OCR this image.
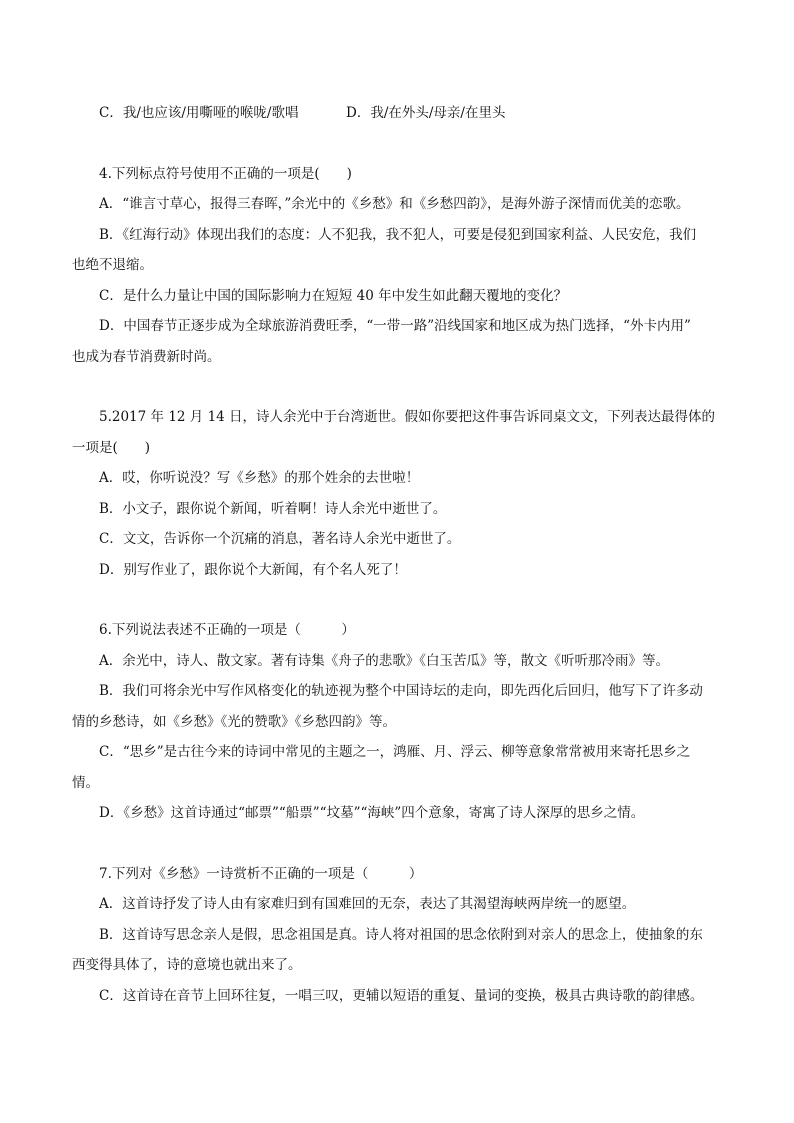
C．我/也应该/用嘶哑的喉咙/歌唱	D．我/在外头/母亲/在里头
4.下列标点符号使用不正确的一项是(　　)
A．“谁言寸草心，报得三春晖，”余光中的《乡愁》和《乡愁四韵》，是海外游子深情而优美的恋歌。
B．《红海行动》体现出我们的态度：人不犯我，我不犯人，可要是侵犯到国家利益、人民安危，我们
也绝不退缩。
C．是什么力量让中国的国际影响力在短短 40 年中发生如此翻天覆地的变化？
D．中国春节正逐步成为全球旅游消费旺季，“一带一路”沿线国家和地区成为热门选择，“外卡内用”
也成为春节消费新时尚。
5.2017 年 12 月 14 日，诗人余光中于台湾逝世。假如你要把这件事告诉同桌文文，下列表达最得体的
一项是(　　)
A．哎，你听说没？写《乡愁》的那个姓余的去世啦！
B．小文子，跟你说个新闻，听着啊！诗人余光中逝世了。
C．文文，告诉你一个沉痛的消息，著名诗人余光中逝世了。
D．别写作业了，跟你说个大新闻，有个名人死了！
6.下列说法表述不正确的一项是（　　　）
A．余光中，诗人、散文家。著有诗集《舟子的悲歌》《白玉苦瓜》等，散文《听听那冷雨》等。
B．我们可将余光中写作风格变化的轨迹视为整个中国诗坛的走向，即先西化后回归，他写下了许多动
情的乡愁诗，如《乡愁》《光的赞歌》《乡愁四韵》等。
C．“思乡”是古往今来的诗词中常见的主题之一，鸿雁、月、浮云、柳等意象常常被用来寄托思乡之
情。
D．《乡愁》这首诗通过“邮票”“船票”“坟墓”“海峡”四个意象，寄寓了诗人深厚的思乡之情。
7.下列对《乡愁》一诗赏析不正确的一项是（　　　）
A．这首诗抒发了诗人由有家难归到有国难回的无奈，表达了其渴望海峡两岸统一的愿望。
B．这首诗写思念亲人是假，思念祖国是真。诗人将对祖国的思念依附到对亲人的思念上，使抽象的东
西变得具体了，诗的意境也就出来了。
C．这首诗在音节上回环往复，一唱三叹，更辅以短语的重复、量词的变换，极具古典诗歌的韵律感。
